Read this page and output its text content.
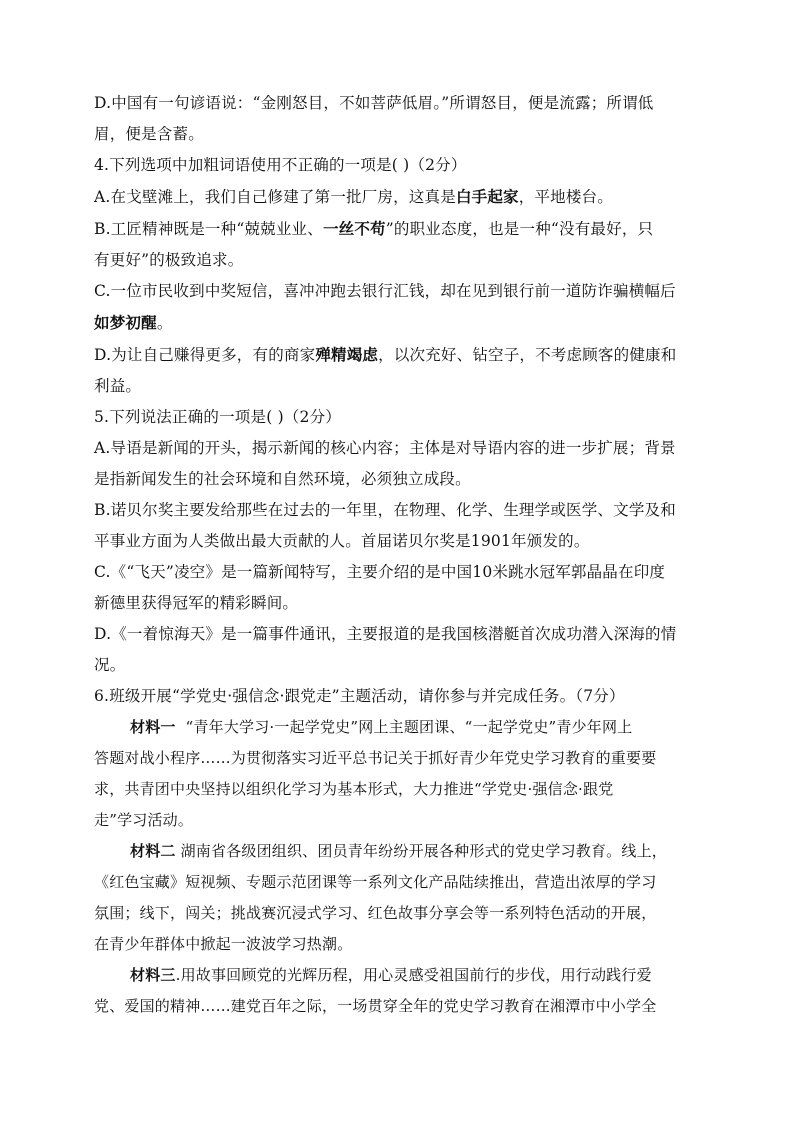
D.中国有一句谚语说：“金刚怒目，不如菩萨低眉。”所谓怒目，便是流露；所谓低
眉，便是含蓄。
4.下列选项中加粗词语使用不正确的一项是( )（2分）
A.在戈壁滩上，我们自己修建了第一批厂房，这真是白手起家，平地楼台。
B.工匠精神既是一种“兢兢业业、一丝不苟”的职业态度，也是一种“没有最好，只
有更好”的极致追求。
C.一位市民收到中奖短信，喜冲冲跑去银行汇钱，却在见到银行前一道防诈骗横幅后
如梦初醒。
D.为让自己赚得更多，有的商家殚精竭虑，以次充好、钻空子，不考虑顾客的健康和
利益。
5.下列说法正确的一项是( )（2分）
A.导语是新闻的开头，揭示新闻的核心内容；主体是对导语内容的进一步扩展；背景
是指新闻发生的社会环境和自然环境，必须独立成段。
B.诺贝尔奖主要发给那些在过去的一年里，在物理、化学、生理学或医学、文学及和
平事业方面为人类做出最大贡献的人。首届诺贝尔奖是1901年颁发的。
C.《“飞天”凌空》是一篇新闻特写，主要介绍的是中国10米跳水冠军郭晶晶在印度
新德里获得冠军的精彩瞬间。
D.《一着惊海天》是一篇事件通讯，主要报道的是我国核潜艇首次成功潜入深海的情
况。
6.班级开展“学党史·强信念·跟党走”主题活动，请你参与并完成任务。（7分）
材料一 “青年大学习·一起学党史”网上主题团课、“一起学党史”青少年网上
答题对战小程序……为贯彻落实习近平总书记关于抓好青少年党史学习教育的重要要
求，共青团中央坚持以组织化学习为基本形式，大力推进“学党史·强信念·跟党
走”学习活动。
材料二 湖南省各级团组织、团员青年纷纷开展各种形式的党史学习教育。线上，
《红色宝藏》短视频、专题示范团课等一系列文化产品陆续推出，营造出浓厚的学习
氛围；线下，闯关；挑战赛沉浸式学习、红色故事分享会等一系列特色活动的开展，
在青少年群体中掀起一波波学习热潮。
材料三.用故事回顾党的光辉历程，用心灵感受祖国前行的步伐，用行动践行爱
党、爱国的精神……建党百年之际，一场贯穿全年的党史学习教育在湘潭市中小学全
